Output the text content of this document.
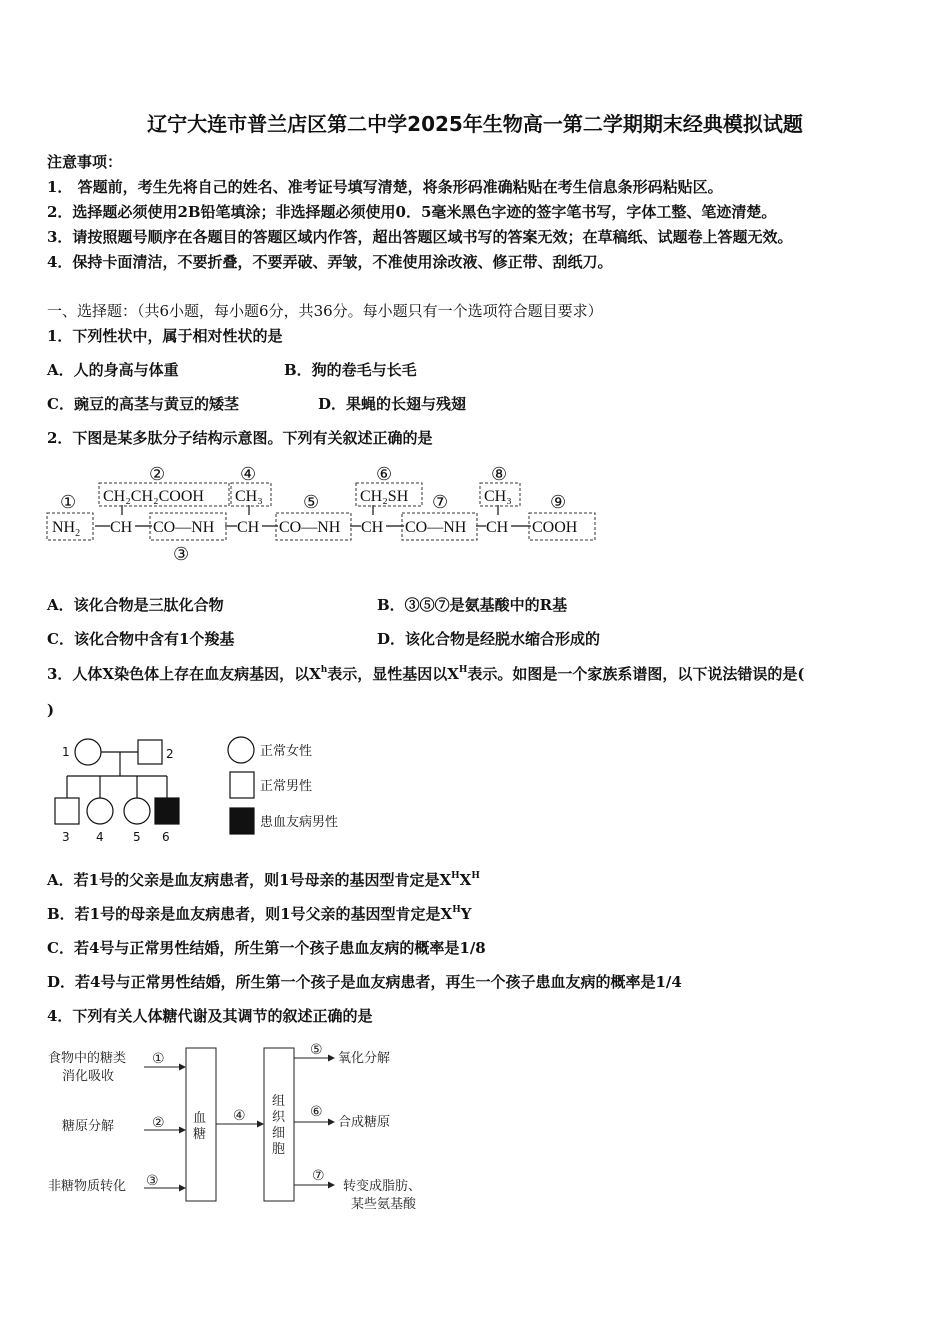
辽宁大连市普兰店区第二中学2025年生物高一第二学期期末经典模拟试题
注意事项：
1． 答题前，考生先将自己的姓名、准考证号填写清楚，将条形码准确粘贴在考生信息条形码粘贴区。
2．选择题必须使用2B铅笔填涂；非选择题必须使用0．5毫米黑色字迹的签字笔书写，字体工整、笔迹清楚。
3．请按照题号顺序在各题目的答题区域内作答，超出答题区域书写的答案无效；在草稿纸、试题卷上答题无效。
4．保持卡面清洁，不要折叠，不要弄破、弄皱，不准使用涂改液、修正带、刮纸刀。
一、选择题：（共6小题，每小题6分，共36分。每小题只有一个选项符合题目要求）
1．下列性状中，属于相对性状的是
A．人的身高与体重	B．狗的卷毛与长毛
C．豌豆的高茎与黄豆的矮茎	D．果蝇的长翅与残翅
2．下图是某多肽分子结构示意图。下列有关叙述正确的是
①
②
③
④
⑤
⑥
⑦
⑧
⑨
CH₂CH₂COOH CH₃	CH₂SH	CH₃
$NH_2$ CH CO—NH CH CO—NH CH CO—NH CH COOH
A．该化合物是三肽化合物	B．③⑤⑦是氨基酸中的R基
C．该化合物中含有1个羧基	D．该化合物是经脱水缩合形成的
3．人体X染色体上存在血友病基因，以$X^h$表示，显性基因以$X^H$表示。如图是一个家族系谱图，以下说法错误的是(
)
1	2
3 4 5 6
正常女性
正常男性
患血友病男性
A．若1号的父亲是血友病患者，则1号母亲的基因型肯定是$X^HX^H$
B．若1号的母亲是血友病患者，则1号父亲的基因型肯定是$X^HY$
C．若4号与正常男性结婚，所生第一个孩子患血友病的概率是1/8
D．若4号与正常男性结婚，所生第一个孩子是血友病患者，再生一个孩子患血友病的概率是1/4
4．下列有关人体糖代谢及其调节的叙述正确的是
食物中的糖类
消化吸收
糖原分解
非糖物质转化
①
②
③
④
⑤
⑥
⑦
血
糖
组
织
细
胞
氧化分解
合成糖原
转变成脂肪、
某些氨基酸
